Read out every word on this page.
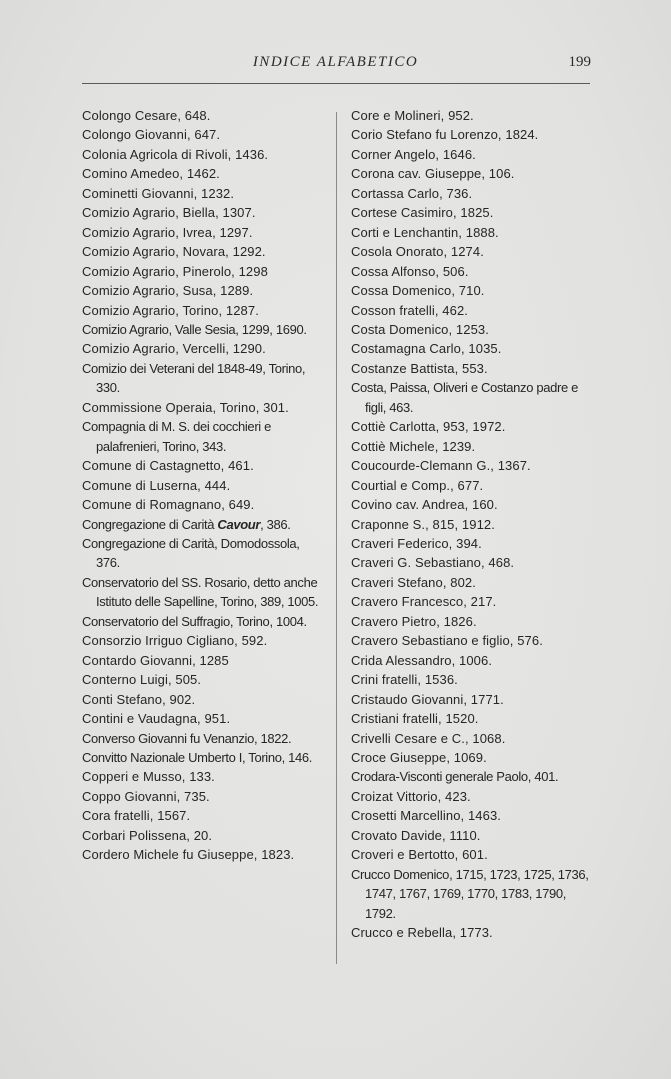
INDICE ALFABETICO	199
Colongo Cesare, 648.
Colongo Giovanni, 647.
Colonia Agricola di Rivoli, 1436.
Comino Amedeo, 1462.
Cominetti Giovanni, 1232.
Comizio Agrario, Biella, 1307.
Comizio Agrario, Ivrea, 1297.
Comizio Agrario, Novara, 1292.
Comizio Agrario, Pinerolo, 1298
Comizio Agrario, Susa, 1289.
Comizio Agrario, Torino, 1287.
Comizio Agrario, Valle Sesia, 1299, 1690.
Comizio Agrario, Vercelli, 1290.
Comizio dei Veterani del 1848-49, Torino, 330.
Commissione Operaia, Torino, 301.
Compagnia di M. S. dei cocchieri e palafrenieri, Torino, 343.
Comune di Castagnetto, 461.
Comune di Luserna, 444.
Comune di Romagnano, 649.
Congregazione di Carità Cavour, 386.
Congregazione di Carità, Domodossola, 376.
Conservatorio del SS. Rosario, detto anche Istituto delle Sapelline, Torino, 389, 1005.
Conservatorio del Suffragio, Torino, 1004.
Consorzio Irriguo Cigliano, 592.
Contardo Giovanni, 1285
Conterno Luigi, 505.
Conti Stefano, 902.
Contini e Vaudagna, 951.
Converso Giovanni fu Venanzio, 1822.
Convitto Nazionale Umberto I, Torino, 146.
Copperi e Musso, 133.
Coppo Giovanni, 735.
Cora fratelli, 1567.
Corbari Polissena, 20.
Cordero Michele fu Giuseppe, 1823.
Core e Molineri, 952.
Corio Stefano fu Lorenzo, 1824.
Corner Angelo, 1646.
Corona cav. Giuseppe, 106.
Cortassa Carlo, 736.
Cortese Casimiro, 1825.
Corti e Lenchantin, 1888.
Cosola Onorato, 1274.
Cossa Alfonso, 506.
Cossa Domenico, 710.
Cosson fratelli, 462.
Costa Domenico, 1253.
Costamagna Carlo, 1035.
Costanze Battista, 553.
Costa, Paissa, Oliveri e Costanzo padre e figli, 463.
Cottiè Carlotta, 953, 1972.
Cottiè Michele, 1239.
Coucourde-Clemann G., 1367.
Courtial e Comp., 677.
Covino cav. Andrea, 160.
Craponne S., 815, 1912.
Craveri Federico, 394.
Craveri G. Sebastiano, 468.
Craveri Stefano, 802.
Cravero Francesco, 217.
Cravero Pietro, 1826.
Cravero Sebastiano e figlio, 576.
Crida Alessandro, 1006.
Crini fratelli, 1536.
Cristaudo Giovanni, 1771.
Cristiani fratelli, 1520.
Crivelli Cesare e C., 1068.
Croce Giuseppe, 1069.
Crodara-Visconti generale Paolo, 401.
Croizat Vittorio, 423.
Crosetti Marcellino, 1463.
Crovato Davide, 1110.
Croveri e Bertotto, 601.
Crucco Domenico, 1715, 1723, 1725, 1736, 1747, 1767, 1769, 1770, 1783, 1790, 1792.
Crucco e Rebella, 1773.
